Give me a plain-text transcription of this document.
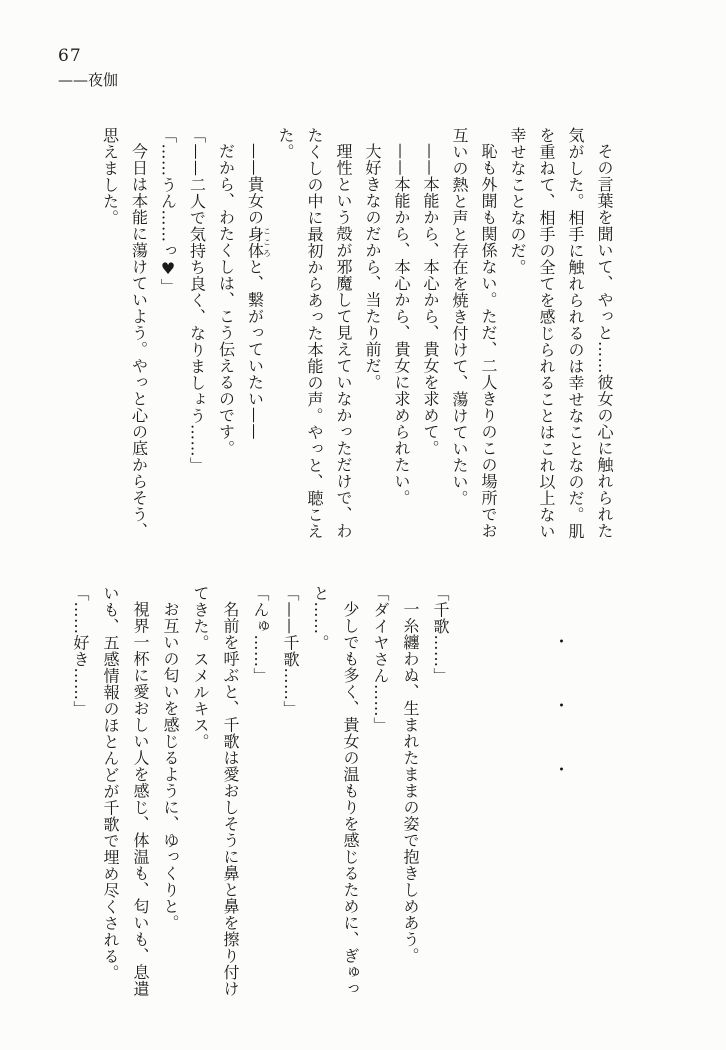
67
——夜伽

その言葉を聞いて、やっと……彼女の心に触れられた

気がした。相手に触れられるのは幸せなことなのだ。肌

を重ねて、相手の全てを感じられることはこれ以上ない

幸せなことなのだ。

恥も外聞も関係ない。ただ、二人きりのこの場所でお

互いの熱と声と存在を焼き付けて、蕩けていたい。

——本能から、本心から、貴女を求めて。

——本能から、本心から、貴女に求められたい。

大好きなのだから、当たり前だ。

理性という殻が邪魔して見えていなかっただけで、わ

たくしの中に最初からあった本能の声。やっと、聴こえ

た。

——貴女の身体こころと、繋がっていたい——

だから、わたくしは、こう伝えるのです。

「——二人で気持ち良く、なりましょう……」

「……うん……っ♥」

今日は本能に蕩けていよう。やっと心の底からそう、

思えました。

　　　・　　　・　　　・

「千歌……」

一糸纏わぬ、生まれたままの姿で抱きしめあう。

「ダイヤさん……」

少しでも多く、貴女の温もりを感じるために、ぎゅっ

と……。

「——千歌……」

「んゅ……」

名前を呼ぶと、千歌は愛おしそうに鼻と鼻を擦り付け

てきた。スメルキス。

お互いの匂いを感じるように、ゆっくりと。

視界一杯に愛おしい人を感じ、体温も、匂いも、息遣

いも、五感情報のほとんどが千歌で埋め尽くされる。

「……好き……」
